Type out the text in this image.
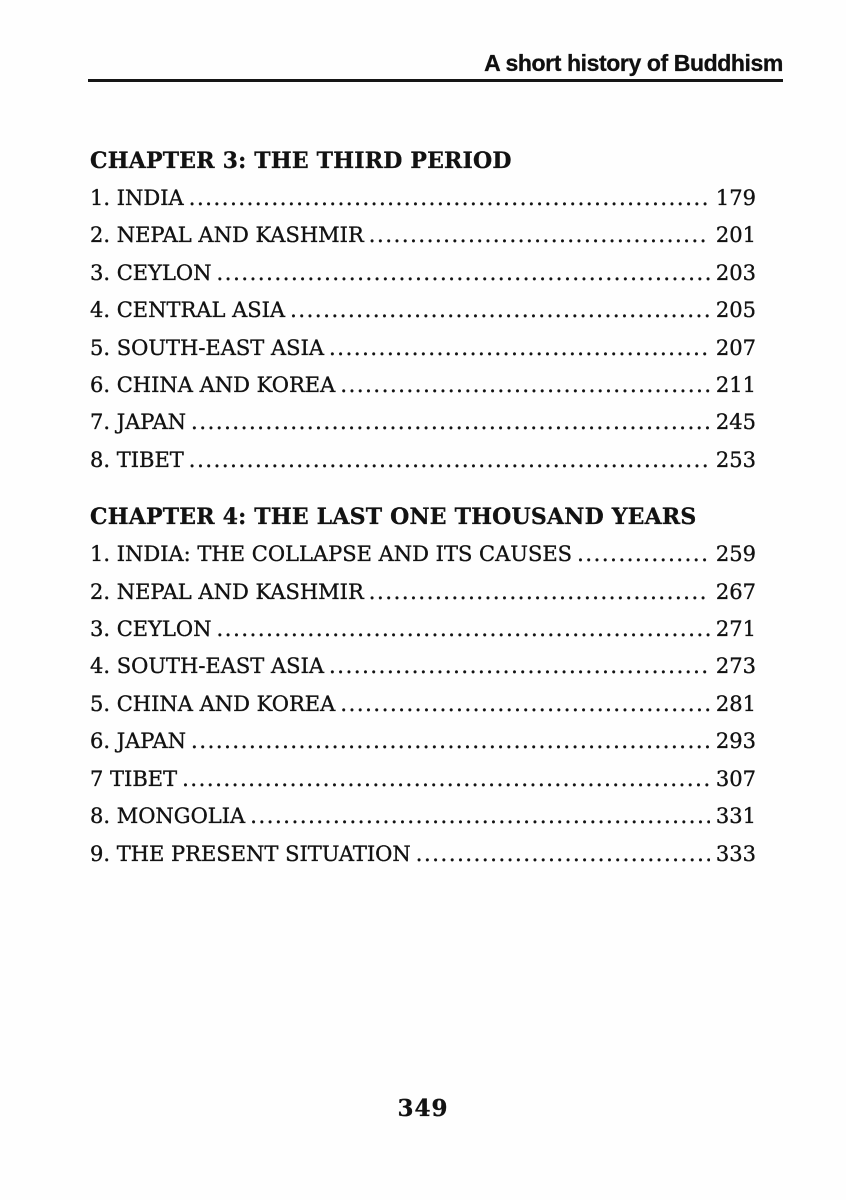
A short history of Buddhism
CHAPTER 3: THE THIRD PERIOD
1. INDIA .....	179
2. NEPAL AND KASHMIR .....	201
3. CEYLON .....	203
4. CENTRAL ASIA .....	205
5. SOUTH-EAST ASIA .....	207
6. CHINA AND KOREA .....	211
7. JAPAN .....	245
8. TIBET .....	253
CHAPTER 4: THE LAST ONE THOUSAND YEARS
1. INDIA: THE COLLAPSE AND ITS CAUSES .....	259
2. NEPAL AND KASHMIR .....	267
3. CEYLON .....	271
4. SOUTH-EAST ASIA .....	273
5. CHINA AND KOREA .....	281
6. JAPAN .....	293
7 TIBET .....	307
8. MONGOLIA .....	331
9. THE PRESENT SITUATION .....	333
349
